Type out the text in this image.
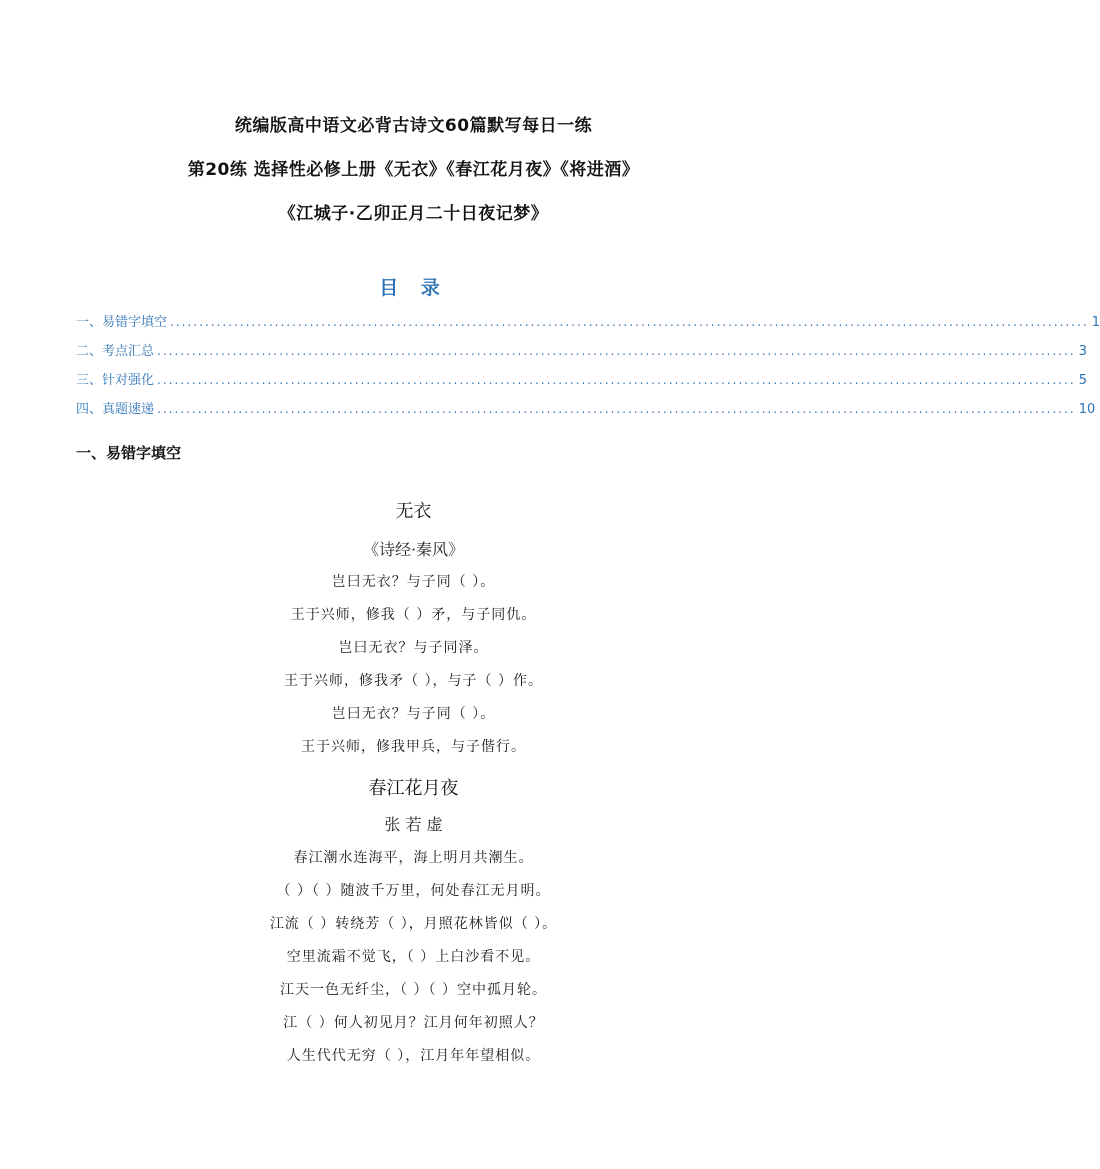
统编版高中语文必背古诗文60篇默写每日一练
第20练 选择性必修上册《无衣》《春江花月夜》《将进酒》
《江城子·乙卯正月二十日夜记梦》
目 录
一、易错字填空 .............................................................................................................................................................. 1
二、考点汇总 .............................................................................................................................................................. 3
三、针对强化 .............................................................................................................................................................. 5
四、真题速递 .............................................................................................................................................................. 10
一、易错字填空
无衣
《诗经·秦风》
岂曰无衣？与子同（ ）。
王于兴师，修我（ ）矛，与子同仇。
岂曰无衣？与子同泽。
王于兴师，修我矛（ ），与子（ ）作。
岂曰无衣？与子同（ ）。
王于兴师，修我甲兵，与子偕行。
春江花月夜
张 若 虚
春江潮水连海平，海上明月共潮生。
（ ）（ ）随波千万里，何处春江无月明。
江流（ ）转绕芳（ ），月照花林皆似（ ）。
空里流霜不觉飞，（ ）上白沙看不见。
江天一色无纤尘，（ ）（ ）空中孤月轮。
江（ ）何人初见月？江月何年初照人？
人生代代无穷（ ），江月年年望相似。
